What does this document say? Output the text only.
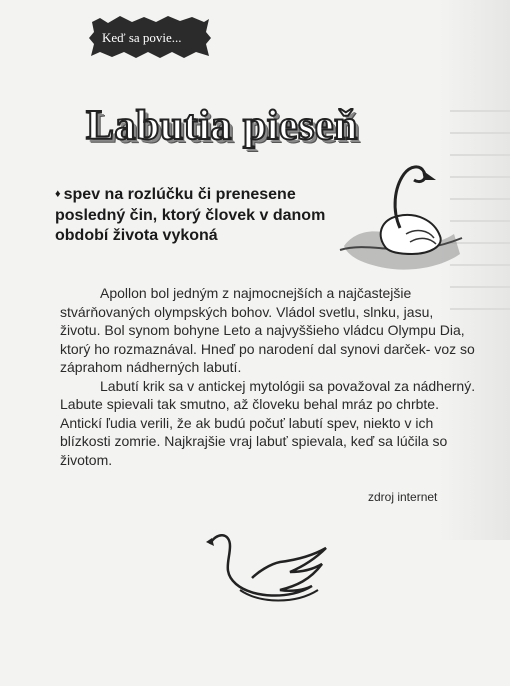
Keď sa povie...
Labutia pieseň
♦ spev na rozlúčku či prenesene posledný čin, ktorý človek v danom období života vykoná

Apollon bol jedným z najmocnejších a najčastejšie stvárňovaných olympských bohov. Vládol svetlu, slnku, jasu, životu. Bol synom bohyne Leto a najvyššieho vládcu Olympu Dia, ktorý ho rozmaznával. Hneď po narodení dal synovi darček- voz so záprahom nádherných labutí.

Labutí krik sa v antickej mytológii sa považoval za nádherný. Labute spievali tak smutno, až človeku behal mráz po chrbte. Antickí ľudia verili, že ak budú počuť labutí spev, niekto v ich blízkosti zomrie. Najkrajšie vraj labuť spievala, keď sa lúčila so životom.

zdroj internet
